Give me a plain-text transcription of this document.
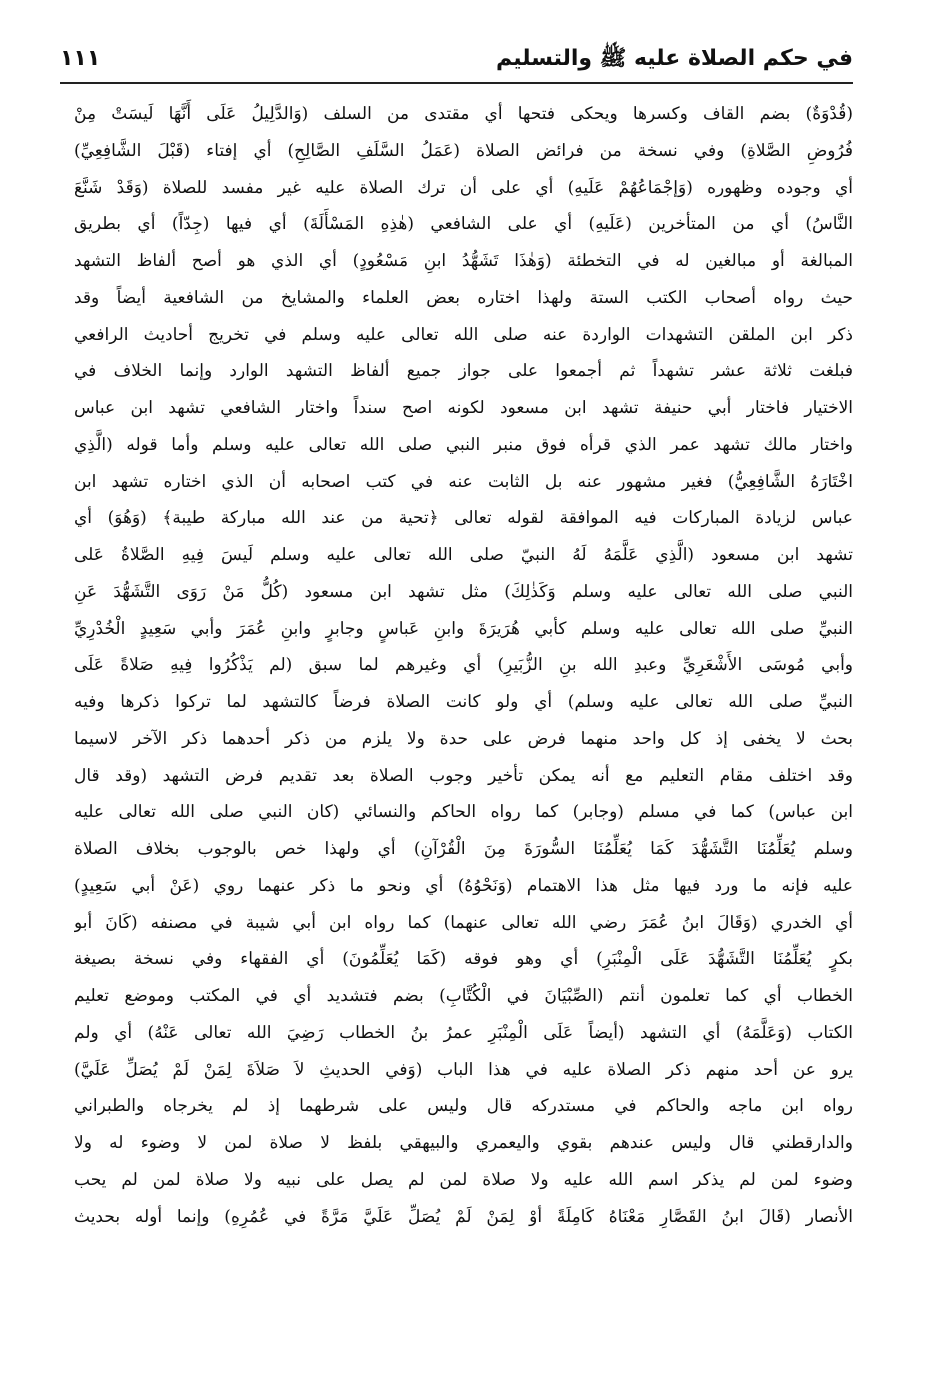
في حكم الصلاة عليه ﷺ والتسليم
١١١
(قُدْوَةٌ) بضم القاف وكسرها ويحكى فتحها أي مقتدى من السلف (وَالدَّلِيلُ عَلَى أَنَّهَا لَيسَتْ مِنْ
فُرُوضِ الصَّلاةِ) وفي نسخة من فرائض الصلاة (عَمَلُ السَّلَفِ الصَّالِحِ) أي إفتاء (قَبْلَ الشَّافِعِيِّ)
أي وجوده وظهوره (وَإجْمَاعُهُمْ عَلَيهِ) أي على أن ترك الصلاة عليه غير مفسد للصلاة (وَقَدْ شَنَّعَ
النَّاسُ) أي من المتأخرين (عَلَيهِ) أي على الشافعي (هٰذِهِ المَسْأَلَةَ) أي فيها (جِدّاً) أي بطريق
المبالغة أو مبالغين له في التخطئة (وَهٰذَا تَشَهُّدُ ابنِ مَسْعُودٍ) أي الذي هو أصح ألفاظ التشهد
حيث رواه أصحاب الكتب الستة ولهذا اختاره بعض العلماء والمشايخ من الشافعية أيضاً وقد
ذكر ابن الملقن التشهدات الواردة عنه صلى الله تعالى عليه وسلم في تخريج أحاديث الرافعي
فبلغت ثلاثة عشر تشهداً ثم أجمعوا على جواز جميع ألفاظ التشهد الوارد وإنما الخلاف في
الاختيار فاختار أبي حنيفة تشهد ابن مسعود لكونه اصح سنداً واختار الشافعي تشهد ابن عباس
واختار مالك تشهد عمر الذي قرأه فوق منبر النبي صلى الله تعالى عليه وسلم وأما قوله (الَّذِي
اخْتَارَهُ الشَّافِعِيُّ) فغير مشهور عنه بل الثابت عنه في كتب اصحابه أن الذي اختاره تشهد ابن
عباس لزيادة المباركات فيه الموافقة لقوله تعالى ﴿تحية من عند الله مباركة طيبة﴾ (وَهُوَ) أي
تشهد ابن مسعود (الَّذِي عَلَّمَهُ لَهُ النبيّ صلى الله تعالى عليه وسلم لَيسَ فِيهِ الصَّلاةُ عَلى
النبي صلى الله تعالى عليه وسلم وَكَذٰلِكَ) مثل تشهد ابن مسعود (كُلُّ مَنْ رَوَى التَّشَهُّدَ عَنِ
النبيِّ صلى الله تعالى عليه وسلم كأبي هُرَيرَةَ وابنِ عَباسٍ وجابرٍ وابنِ عُمَرَ وأبي سَعِيدٍ الْخُدْرِيِّ
وأبي مُوسَى الأَشْعَرِيِّ وعبدِ الله بنِ الزُّبَيرِ) أي وغيرهم لما سبق (لم يَذْكُرُوا فِيهِ صَلاةً عَلَى
النبيِّ صلى الله تعالى عليه وسلم) أي ولو كانت الصلاة فرضاً كالتشهد لما تركوا ذكرها وفيه
بحث لا يخفى إذ كل واحد منهما فرض على حدة ولا يلزم من ذكر أحدهما ذكر الآخر لاسيما
وقد اختلف مقام التعليم مع أنه يمكن تأخير وجوب الصلاة بعد تقديم فرض التشهد (وقد قال
ابن عباس) كما في مسلم (وجابر) كما رواه الحاكم والنسائي (كان النبي صلى الله تعالى عليه
وسلم يُعَلِّمُنَا التَّشَهُّدَ كَمَا يُعَلِّمُنَا السُّورَةَ مِنَ الْقُرْآنِ) أي ولهذا خص بالوجوب بخلاف الصلاة
عليه فإنه ما ورد فيها مثل هذا الاهتمام (وَنَحْوُهُ) أي ونحو ما ذكر عنهما روي (عَنْ أبي سَعِيدٍ)
أي الخدري (وَقَالَ ابنُ عُمَرَ رضي الله تعالى عنهما) كما رواه ابن أبي شيبة في مصنفه (كَانَ أبو
بكرٍ يُعَلِّمُنَا التَّشَهُّدَ عَلَى الْمِنْبَرِ) أي وهو فوقه (كَمَا يُعَلِّمُونَ) أي الفقهاء وفي نسخة بصيغة
الخطاب أي كما تعلمون أنتم (الصِّبْيَانَ في الْكُتَّابِ) بضم فتشديد أي في المكتب وموضع تعليم
الكتاب (وَعَلَّمَهُ) أي التشهد (أيضاً عَلَى الْمِنْبَرِ عمرُ بنُ الخطاب رَضِيَ الله تعالى عَنْهُ) أي ولم
يرو عن أحد منهم ذكر الصلاة عليه في هذا الباب (وَفي الحديثِ لاَ صَلاَةَ لِمَنْ لَمْ يُصَلِّ عَلَيَّ)
رواه ابن ماجه والحاكم في مستدركه قال وليس على شرطهما إذ لم يخرجاه والطبراني
والدارقطني قال وليس عندهم بقوي واليعمري والبيهقي بلفظ لا صلاة لمن لا وضوء له ولا
وضوء لمن لم يذكر اسم الله عليه ولا صلاة لمن لم يصل على نبيه ولا صلاة لمن لم يحب
الأنصار (قَالَ ابنُ القَصَّارِ مَعْنَاهُ كَامِلَةً أوْ لِمَنْ لَمْ يُصَلِّ عَلَيَّ مَرَّةً في عُمُرِهِ) وإنما أوله بحديث
